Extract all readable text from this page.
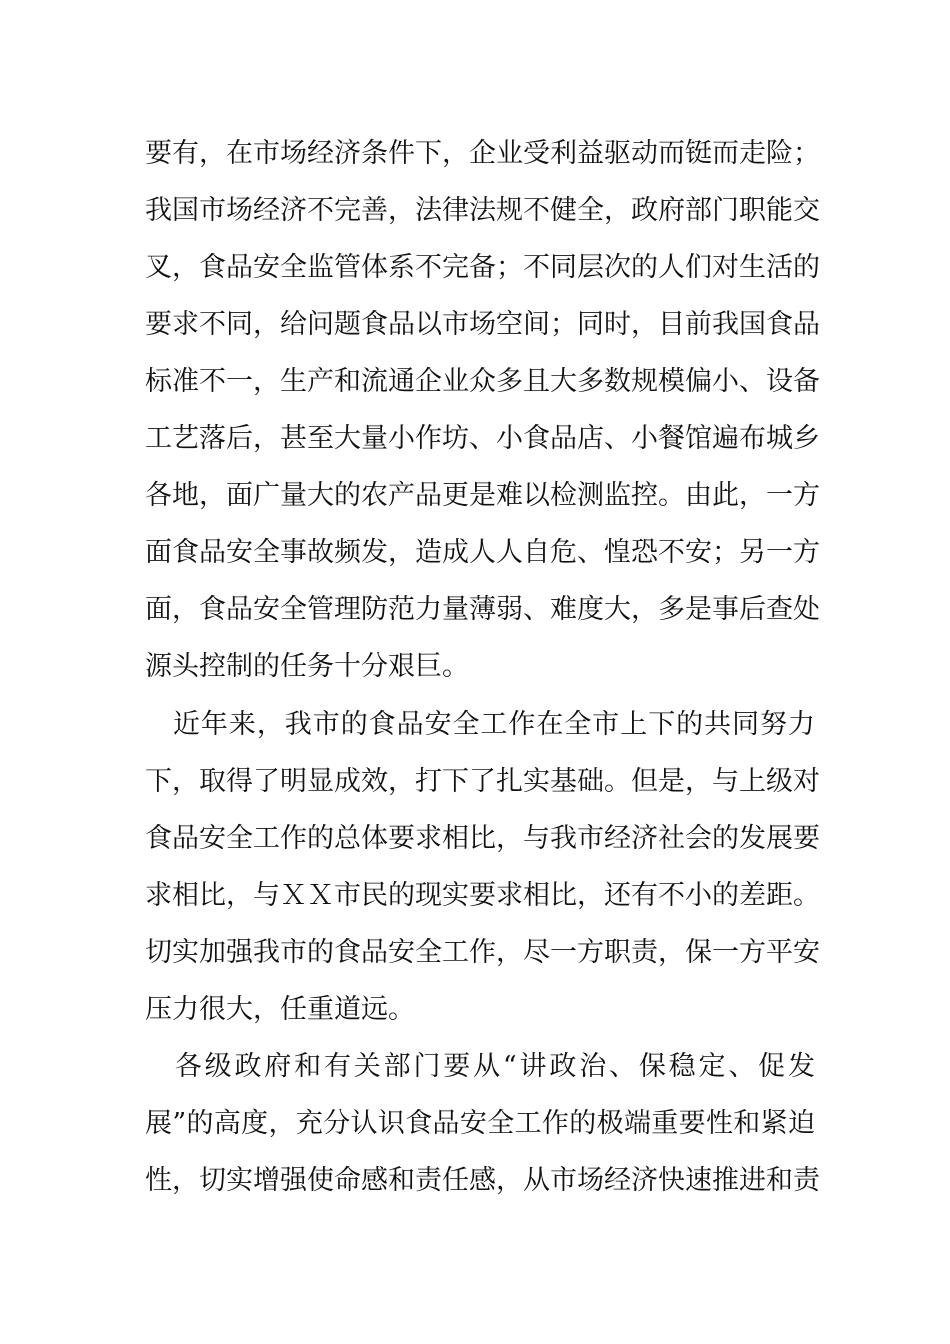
要有，在市场经济条件下，企业受利益驱动而铤而走险；
我国市场经济不完善，法律法规不健全，政府部门职能交
叉，食品安全监管体系不完备；不同层次的人们对生活的
要求不同，给问题食品以市场空间；同时，目前我国食品
标准不一，生产和流通企业众多且大多数规模偏小、设备
工艺落后，甚至大量小作坊、小食品店、小餐馆遍布城乡
各地，面广量大的农产品更是难以检测监控。由此，一方
面食品安全事故频发，造成人人自危、惶恐不安；另一方
面，食品安全管理防范力量薄弱、难度大，多是事后查处
源头控制的任务十分艰巨。
　近年来，我市的食品安全工作在全市上下的共同努力
下，取得了明显成效，打下了扎实基础。但是，与上级对
食品安全工作的总体要求相比，与我市经济社会的发展要
求相比，与ＸＸ市民的现实要求相比，还有不小的差距。
切实加强我市的食品安全工作，尽一方职责，保一方平安
压力很大，任重道远。
　各级政府和有关部门要从“讲政治、保稳定、促发
展”的高度，充分认识食品安全工作的极端重要性和紧迫
性，切实增强使命感和责任感，从市场经济快速推进和责
